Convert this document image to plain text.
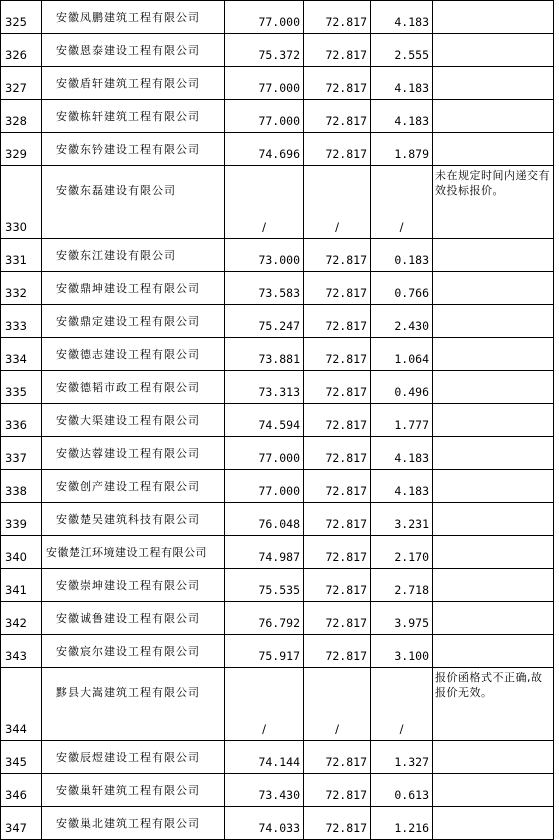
325	安徽凤鹏建筑工程有限公司	77.000	72.817	4.183	
326	安徽恩泰建设工程有限公司	75.372	72.817	2.555	
327	安徽盾轩建筑工程有限公司	77.000	72.817	4.183	
328	安徽栋轩建筑工程有限公司	77.000	72.817	4.183	
329	安徽东钤建设工程有限公司	74.696	72.817	1.879	
330	安徽东磊建设有限公司	/	/	/	未在规定时间内递交有效投标报价。
331	安徽东江建设有限公司	73.000	72.817	0.183	
332	安徽鼎坤建设工程有限公司	73.583	72.817	0.766	
333	安徽鼎定建设工程有限公司	75.247	72.817	2.430	
334	安徽德志建设工程有限公司	73.881	72.817	1.064	
335	安徽德韬市政工程有限公司	73.313	72.817	0.496	
336	安徽大渠建设工程有限公司	74.594	72.817	1.777	
337	安徽达蓉建设工程有限公司	77.000	72.817	4.183	
338	安徽创产建设工程有限公司	77.000	72.817	4.183	
339	安徽楚吴建筑科技有限公司	76.048	72.817	3.231	
340	安徽楚江环境建设工程有限公司	74.987	72.817	2.170	
341	安徽崇坤建设工程有限公司	75.535	72.817	2.718	
342	安徽诚鲁建设工程有限公司	76.792	72.817	3.975	
343	安徽宸尔建设工程有限公司	75.917	72.817	3.100	
344	黟县大嵩建筑工程有限公司	/	/	/	报价函格式不正确,故报价无效。
345	安徽辰煜建设工程有限公司	74.144	72.817	1.327	
346	安徽巢轩建筑工程有限公司	73.430	72.817	0.613	
347	安徽巢北建筑工程有限公司	74.033	72.817	1.216	
